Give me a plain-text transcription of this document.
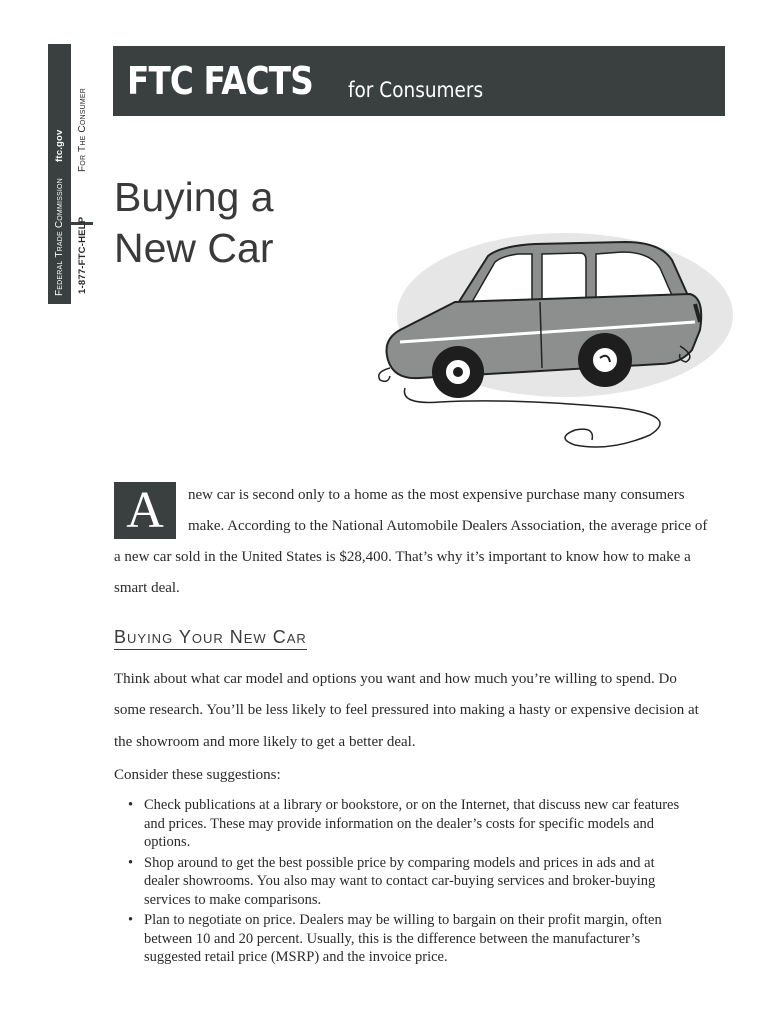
ftc.gov
Federal Trade Commission
For The Consumer
1-877-FTC-HELP
FTC FACTS for Consumers
Buying a
New Car
A	new car is second only to a home as the most expensive purchase many consumers

make. According to the National Automobile Dealers Association, the average price of

a new car sold in the United States is $28,400. That’s why it’s important to know how to make a

smart deal.

Buying Your New Car

Think about what car model and options you want and how much you’re willing to spend. Do

some research. You’ll be less likely to feel pressured into making a hasty or expensive decision at

the showroom and more likely to get a better deal.

Consider these suggestions:

• Check publications at a library or bookstore, or on the Internet, that discuss new car features
and prices. These may provide information on the dealer’s costs for specific models and
options.
• Shop around to get the best possible price by comparing models and prices in ads and at
dealer showrooms. You also may want to contact car-buying services and broker-buying
services to make comparisons.
• Plan to negotiate on price. Dealers may be willing to bargain on their profit margin, often
between 10 and 20 percent. Usually, this is the difference between the manufacturer’s
suggested retail price (MSRP) and the invoice price.
